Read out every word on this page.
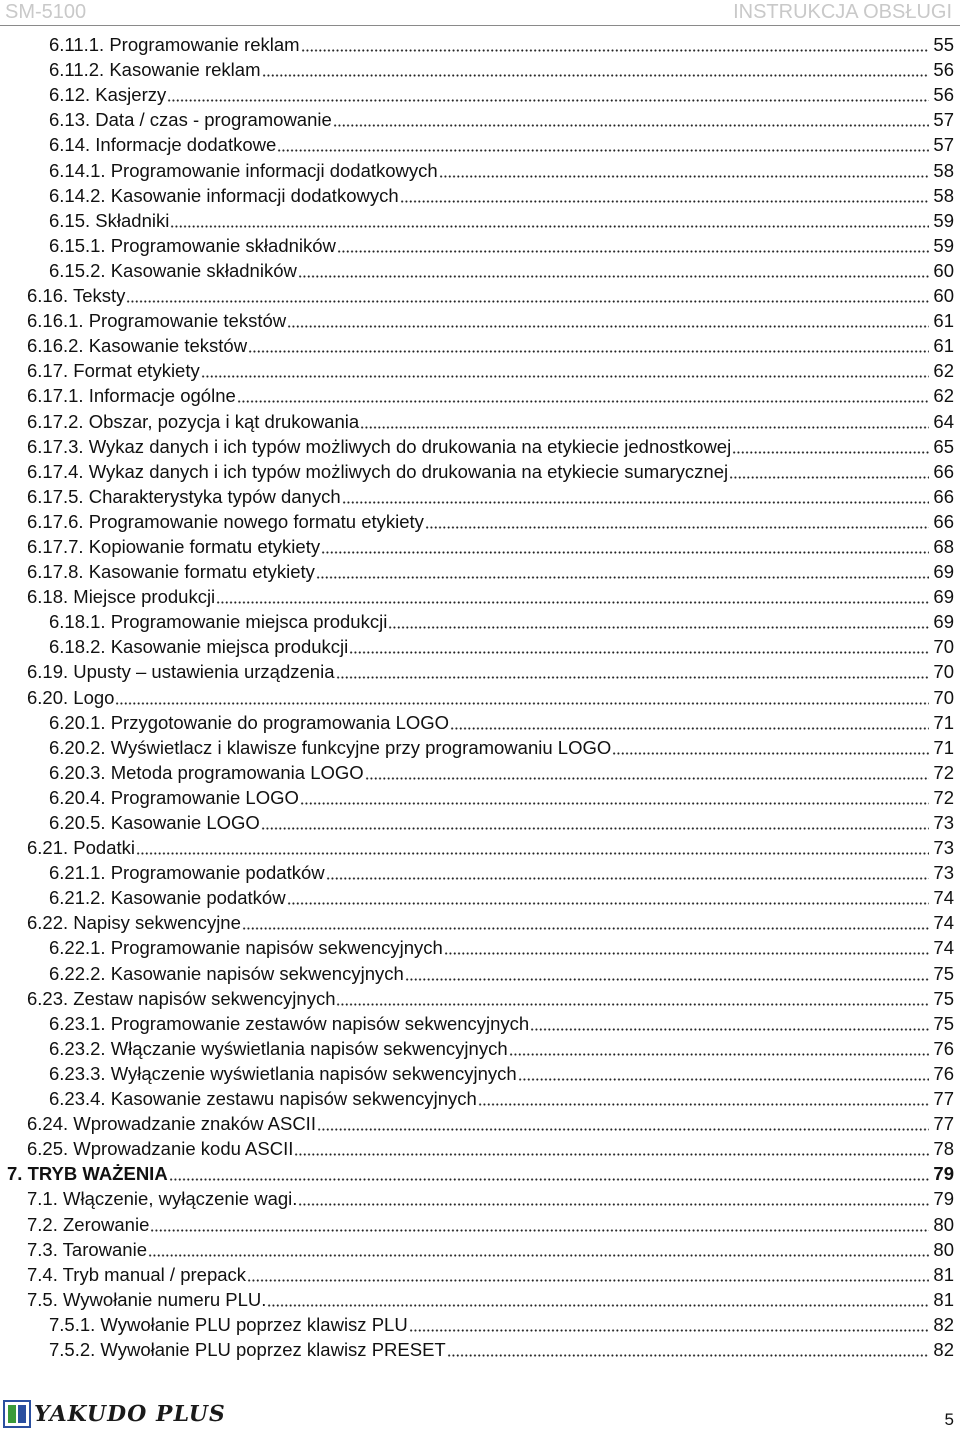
SM-5100	INSTRUKCJA OBSŁUGI
6.11.1. Programowanie reklam	55
6.11.2. Kasowanie reklam	56
6.12. Kasjerzy	56
6.13. Data / czas - programowanie	57
6.14. Informacje dodatkowe	57
6.14.1. Programowanie informacji dodatkowych	58
6.14.2. Kasowanie informacji dodatkowych	58
6.15. Składniki	59
6.15.1. Programowanie składników	59
6.15.2. Kasowanie składników	60
6.16. Teksty	60
6.16.1. Programowanie tekstów	61
6.16.2. Kasowanie tekstów	61
6.17. Format etykiety	62
6.17.1. Informacje ogólne	62
6.17.2. Obszar, pozycja i kąt drukowania	64
6.17.3. Wykaz danych i ich typów możliwych do drukowania na etykiecie jednostkowej	65
6.17.4. Wykaz danych i ich typów możliwych do drukowania na etykiecie sumarycznej	66
6.17.5. Charakterystyka typów danych	66
6.17.6. Programowanie nowego formatu etykiety	66
6.17.7. Kopiowanie formatu etykiety	68
6.17.8. Kasowanie formatu etykiety	69
6.18. Miejsce produkcji	69
6.18.1. Programowanie miejsca produkcji	69
6.18.2. Kasowanie miejsca produkcji	70
6.19. Upusty – ustawienia urządzenia	70
6.20. Logo	70
6.20.1. Przygotowanie do programowania LOGO	71
6.20.2. Wyświetlacz i klawisze funkcyjne przy programowaniu LOGO	71
6.20.3. Metoda programowania LOGO	72
6.20.4. Programowanie LOGO	72
6.20.5. Kasowanie LOGO	73
6.21. Podatki	73
6.21.1. Programowanie podatków	73
6.21.2. Kasowanie podatków	74
6.22. Napisy sekwencyjne	74
6.22.1. Programowanie napisów sekwencyjnych	74
6.22.2. Kasowanie napisów sekwencyjnych	75
6.23. Zestaw napisów sekwencyjnych	75
6.23.1. Programowanie zestawów napisów sekwencyjnych	75
6.23.2. Włączanie wyświetlania napisów sekwencyjnych	76
6.23.3. Wyłączenie wyświetlania napisów sekwencyjnych	76
6.23.4. Kasowanie zestawu napisów sekwencyjnych	77
6.24. Wprowadzanie znaków ASCII	77
6.25. Wprowadzanie kodu ASCII	78
7. TRYB WAŻENIA	79
7.1. Włączenie, wyłączenie wagi.	79
7.2. Zerowanie	80
7.3. Tarowanie	80
7.4. Tryb manual / prepack	81
7.5. Wywołanie numeru PLU.	81
7.5.1. Wywołanie PLU poprzez klawisz PLU	82
7.5.2. Wywołanie PLU poprzez klawisz PRESET	82
YAKUDO PLUS	5
